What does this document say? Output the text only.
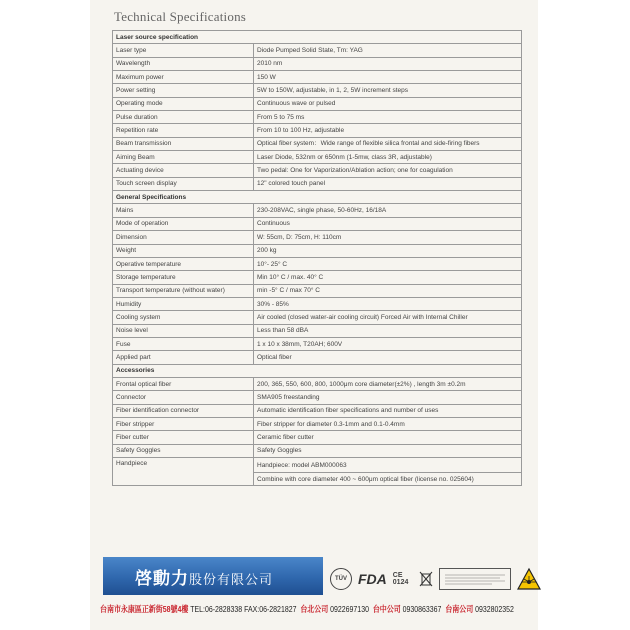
Technical Specifications
Laser source specification	
Laser type	Diode Pumped Solid State, Tm: YAG
Wavelength	2010 nm
Maximum power	150 W
Power setting	5W to 150W, adjustable, in 1, 2, 5W increment steps
Operating mode	Continuous wave or pulsed
Pulse duration	From 5 to 75 ms
Repetition rate	From 10 to 100 Hz, adjustable
Beam transmission	Optical fiber system：Wide range of flexible silica frontal and side-firing fibers
Aiming Beam	Laser Diode, 532nm or 650nm (1-5mw, class 3R, adjustable)
Actuating device	Two pedal: One for Vaporization/Ablation action; one for coagulation
Touch screen display	12" colored touch panel
General Specifications	
Mains	230-208VAC, single phase, 50-60Hz, 16/18A
Mode of operation	Continuous
Dimension	W: 55cm, D: 75cm, H: 110cm
Weight	200 kg
Operative temperature	10°- 25° C
Storage temperature	Min 10° C / max. 40° C
Transport temperature (without water)	min -5° C / max 70° C
Humidity	30% - 85%
Cooling system	Air cooled (closed water-air cooling circuit) Forced Air with Internal Chiller
Noise level	Less than 58 dBA
Fuse	1 x 10 x 38mm, T20AH; 600V
Applied part	Optical fiber
Accessories	
Frontal optical fiber	200, 365, 550, 600, 800, 1000μm core diameter(±2%) , length 3m ±0.2m
Connector	SMA905 freestanding
Fiber identification connector	Automatic identification fiber specifications and number of uses
Fiber stripper	Fiber stripper for diameter 0.3-1mm and 0.1-0.4mm
Fiber cutter	Ceramic fiber cutter
Safety Goggles	Safety Goggles
Handpiece	Handpiece: model ABM000063
Combine with core diameter 400 ~ 600μm optical fiber (license no. 025604)
啓動力股份有限公司	TÜV FDA CE 0124
台南市永康區正新街58號4樓 TEL:06-2828338 FAX:06-2821827 台北公司 0922697130 台中公司 0930863367 台南公司 0932802352
